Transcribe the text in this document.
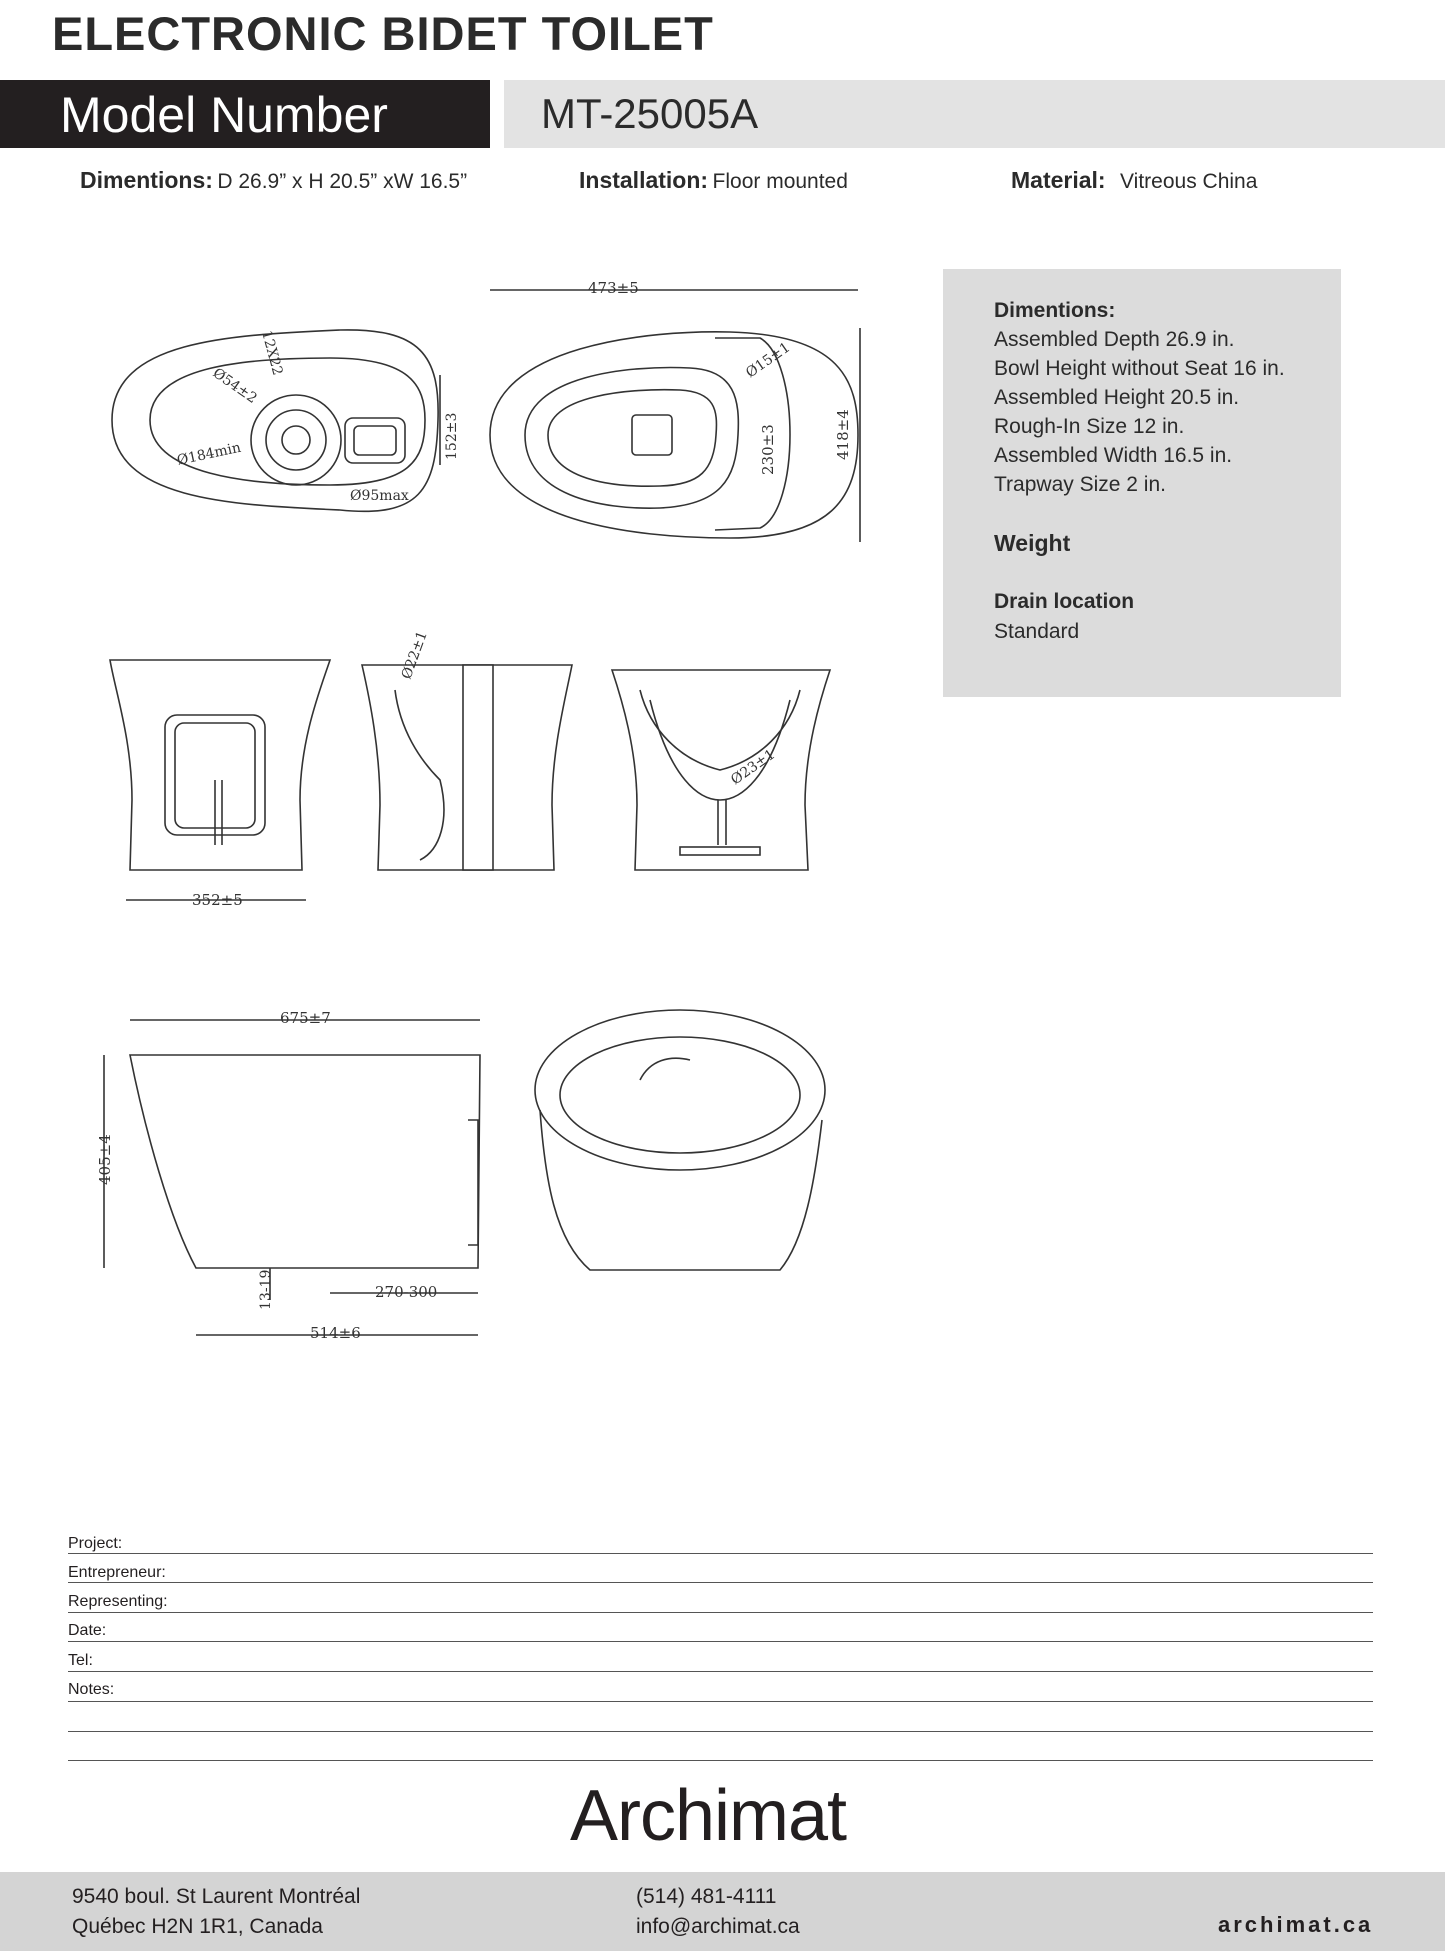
ELECTRONIC BIDET TOILET
Model Number	MT-25005A
Dimentions: D 26.9” x H 20.5” xW 16.5”	Installation: Floor mounted	Material: Vitreous China
473±5
418±4
230±3
Ø15±1
12X22
Ø54±2
Ø184min
Ø95max
152±3
352±5
Ø22±1
Ø23±1
675±7
405±4
13-19	270-300
514±6
Dimentions:
Assembled Depth 26.9 in.
Bowl Height without Seat 16 in.
Assembled Height 20.5 in.
Rough-In Size 12 in.
Assembled Width 16.5 in.
Trapway Size 2 in.
Weight
Drain location
Standard
Project:
Entrepreneur:
Representing:
Date:
Tel:
Notes:
Archimat
9540 boul. St Laurent Montréal
Québec H2N 1R1, Canada
(514) 481-4111
info@archimat.ca	archimat.ca
